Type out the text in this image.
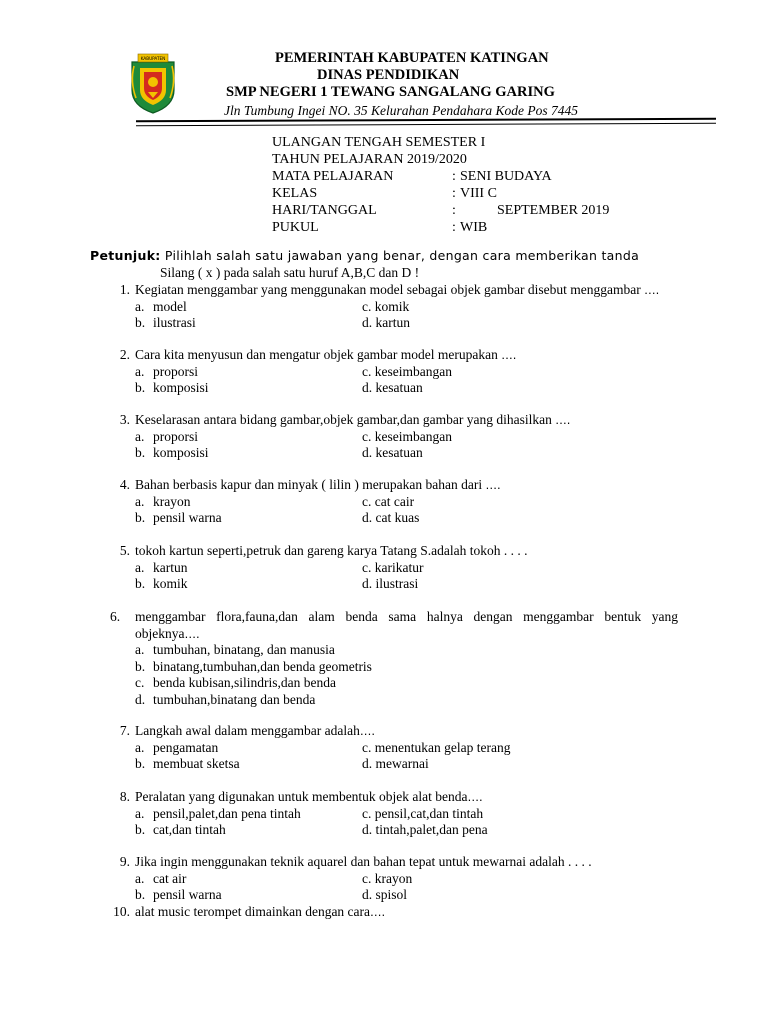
KABUPATEN	PEMERINTAH KABUPATEN KATINGAN
DINAS PENDIDIKAN
SMP NEGERI 1 TEWANG SANGALANG GARING
Jln Tumbung Ingei NO. 35 Kelurahan Pendahara Kode Pos 7445
ULANGAN TENGAH SEMESTER I
TAHUN PELAJARAN 2019/2020
MATA PELAJARAN	: SENI BUDAYA
KELAS	: VIII C
HARI/TANGGAL	:	SEPTEMBER 2019
PUKUL	: WIB
Petunjuk: Pilihlah salah satu jawaban yang benar, dengan cara memberikan tanda
Silang ( x ) pada salah satu huruf A,B,C dan D !
1. Kegiatan menggambar yang menggunakan model sebagai objek gambar disebut menggambar ….
a. model
b. ilustrasi
c. komik
d. kartun
2. Cara kita menyusun dan mengatur objek gambar model merupakan ….
a. proporsi
b. komposisi
c. keseimbangan
d. kesatuan
3. Keselarasan antara bidang gambar,objek gambar,dan gambar yang dihasilkan ….
a. proporsi
b. komposisi
c. keseimbangan
d. kesatuan
4. Bahan berbasis kapur dan minyak ( lilin ) merupakan bahan dari ….
a. krayon
b. pensil warna
c. cat cair
d. cat kuas
5. tokoh kartun seperti,petruk dan gareng karya Tatang S.adalah tokoh . . . .
a. kartun
b. komik
c. karikatur
d. ilustrasi
6.	menggambar flora,fauna,dan alam benda sama halnya dengan menggambar bentuk yang
objeknya….
a. tumbuhan, binatang, dan manusia
b. binatang,tumbuhan,dan benda geometris
c. benda kubisan,silindris,dan benda
d. tumbuhan,binatang dan benda
7. Langkah awal dalam menggambar adalah….
a. pengamatan
b. membuat sketsa
c. menentukan gelap terang
d. mewarnai
8. Peralatan yang digunakan untuk membentuk objek alat benda….
a. pensil,palet,dan pena tintah
b. cat,dan tintah
c. pensil,cat,dan tintah
d. tintah,palet,dan pena
9. Jika ingin menggunakan teknik aquarel dan bahan tepat untuk mewarnai adalah . . . .
a. cat air
b. pensil warna
c. krayon
d. spisol
10. alat music terompet dimainkan dengan cara….
